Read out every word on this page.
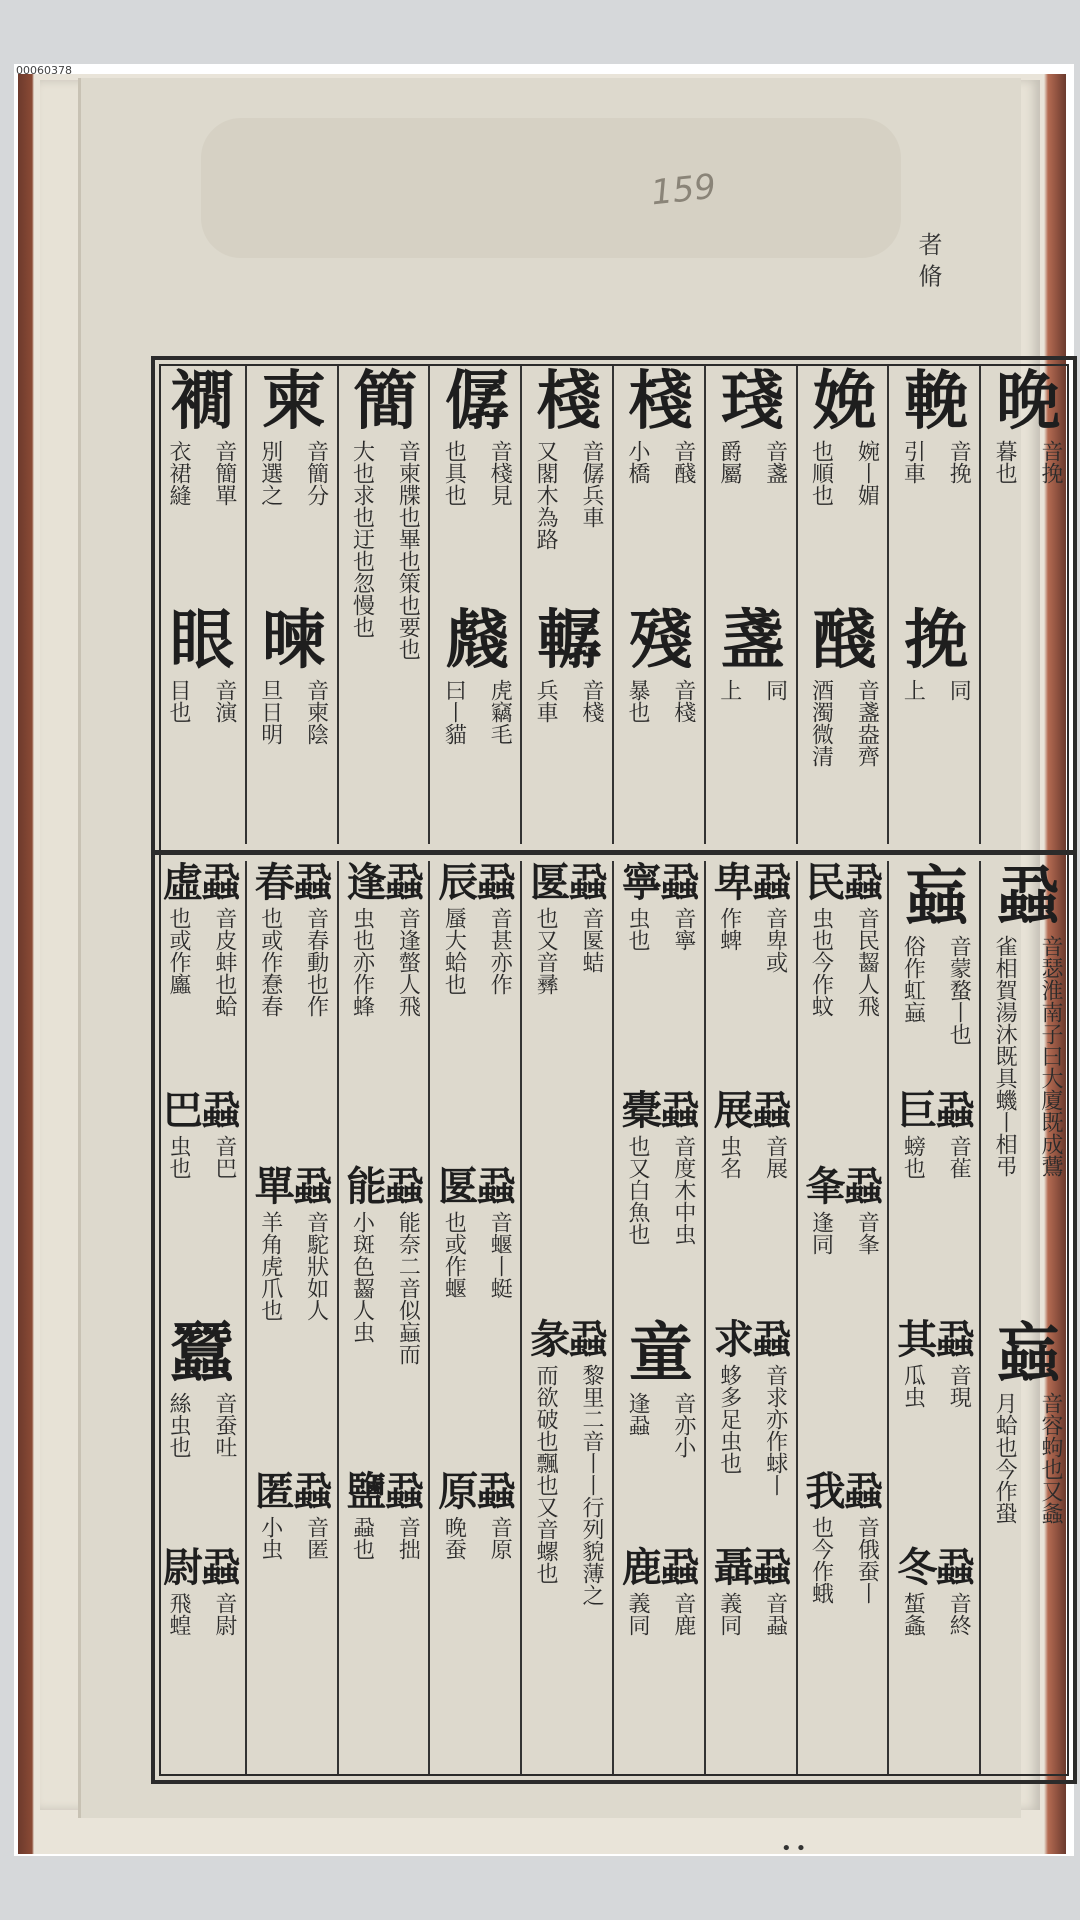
00060378
159
晚
音挽
暮也
輓
音挽
引車
挽
同
上
娩
婉丨媚
也順也
醆
音盞盎齊
酒濁微清
琖
音盞
爵屬
盞
同
上
棧
音醆
小橋
殘
音棧
暴也
棧
音僝兵車
又閣木為路
轏
音棧
兵車
僝
音棧見
也具也
虥
虎竊毛
曰丨貓
簡
音柬牒也畢也策也要也
大也求也迂也忽慢也
柬
音簡分
別選之
暕
音柬陰
旦日明
襉
音簡單
衣裙縫
眼
音演
目也
蝨
音瑟淮南子曰大廈既成鷰
雀相賀湯沐既具蟣丨相弔
蝱
音容蚼也又螽
月蛤也今作蛩
蝱
音蒙蝥丨也
俗作虹蝱
巨蝨
音雈
螃也
其蝨
音現
瓜虫
冬蝨
音終
蜤螽
民蝨
音民齧人飛
虫也今作蚊
夆蝨
音夆
逢同
我蝨
音俄蚕丨
也今作蛾
卑蝨
音卑或
作蜱
展蝨
音展
虫名
求蝨
音求亦作蛷丨
蛥多足虫也
聶蝨
音蝨
義同
寧蝨
音寧
虫也
橐蝨
音度木中虫
也又白魚也
童
音亦小
逢蝨
鹿蝨
音鹿
義同
匽蝨
音匽蛣
也又音彞
彖蝨
黎里二音丨丨行列貌薄之
而欲破也飄也又音螺也
辰蝨
音甚亦作
蜃大蛤也
匽蝨
音蝘丨蜓
也或作蝘
原蝨
音原
晚蚕
逢蝨
音逢螫人飛
虫也亦作蜂
能蝨
能奈二音似蝱而
小斑色齧人虫
鹽蝨
音拙
蝨也
春蝨
音春動也作
也或作惷春
單蝨
音駝狀如人
羊角虎爪也
匿蝨
音匿
小虫
虛蝨
音皮蚌也蛤
也或作蠯
巴蝨
音巴
虫也
蠶
音蚕吐
絲虫也
尉蝨
音尉
飛蝗
者 脩
••
